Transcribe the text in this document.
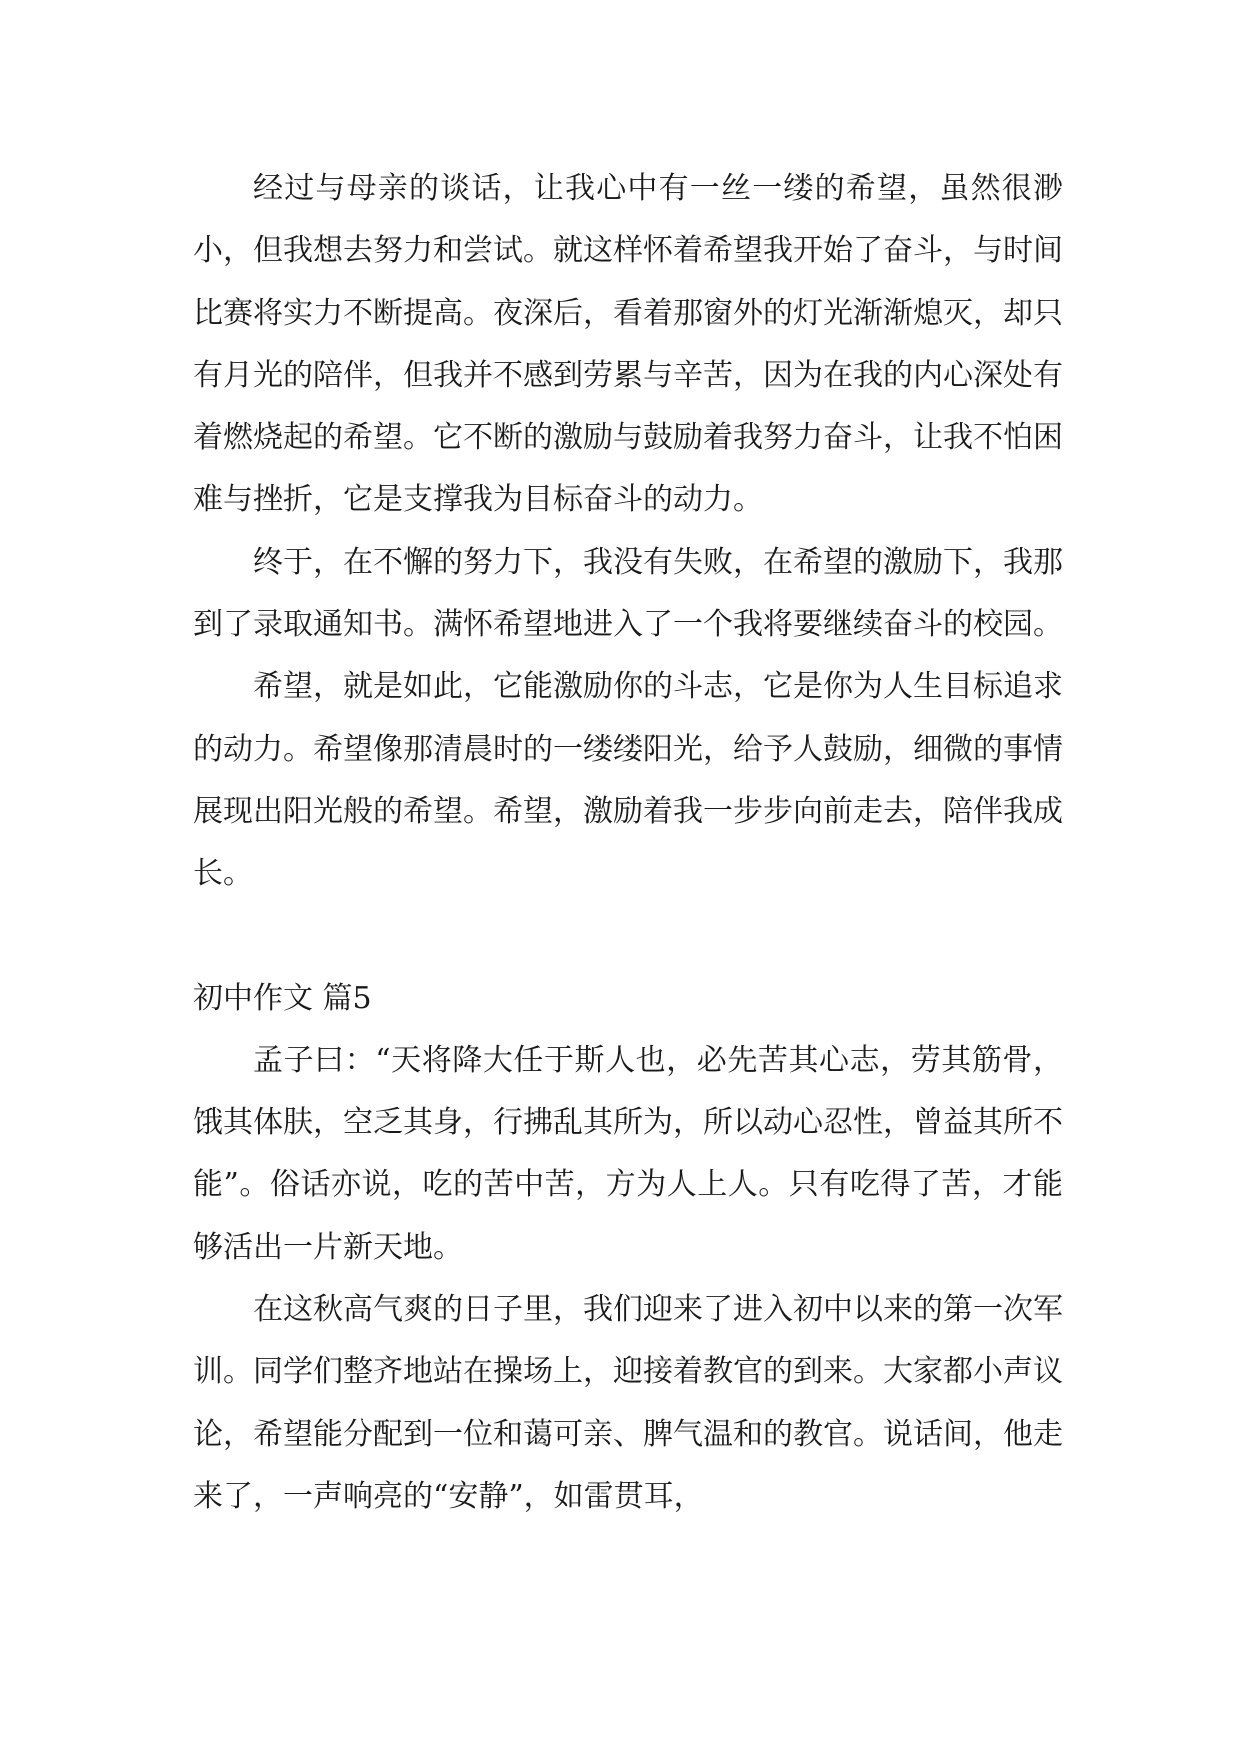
经过与母亲的谈话，让我心中有一丝一缕的希望，虽然很渺小，但我想去努力和尝试。就这样怀着希望我开始了奋斗，与时间比赛将实力不断提高。夜深后，看着那窗外的灯光渐渐熄灭，却只有月光的陪伴，但我并不感到劳累与辛苦，因为在我的内心深处有着燃烧起的希望。它不断的激励与鼓励着我努力奋斗，让我不怕困难与挫折，它是支撑我为目标奋斗的动力。

终于，在不懈的努力下，我没有失败，在希望的激励下，我那到了录取通知书。满怀希望地进入了一个我将要继续奋斗的校园。

希望，就是如此，它能激励你的斗志，它是你为人生目标追求的动力。希望像那清晨时的一缕缕阳光，给予人鼓励，细微的事情展现出阳光般的希望。希望，激励着我一步步向前走去，陪伴我成长。

初中作文 篇5

孟子曰：“天将降大任于斯人也，必先苦其心志，劳其筋骨，饿其体肤，空乏其身，行拂乱其所为，所以动心忍性，曾益其所不能”。俗话亦说，吃的苦中苦，方为人上人。只有吃得了苦，才能够活出一片新天地。

在这秋高气爽的日子里，我们迎来了进入初中以来的第一次军训。同学们整齐地站在操场上，迎接着教官的到来。大家都小声议论，希望能分配到一位和蔼可亲、脾气温和的教官。说话间，他走来了，一声响亮的“安静”，如雷贯耳，
